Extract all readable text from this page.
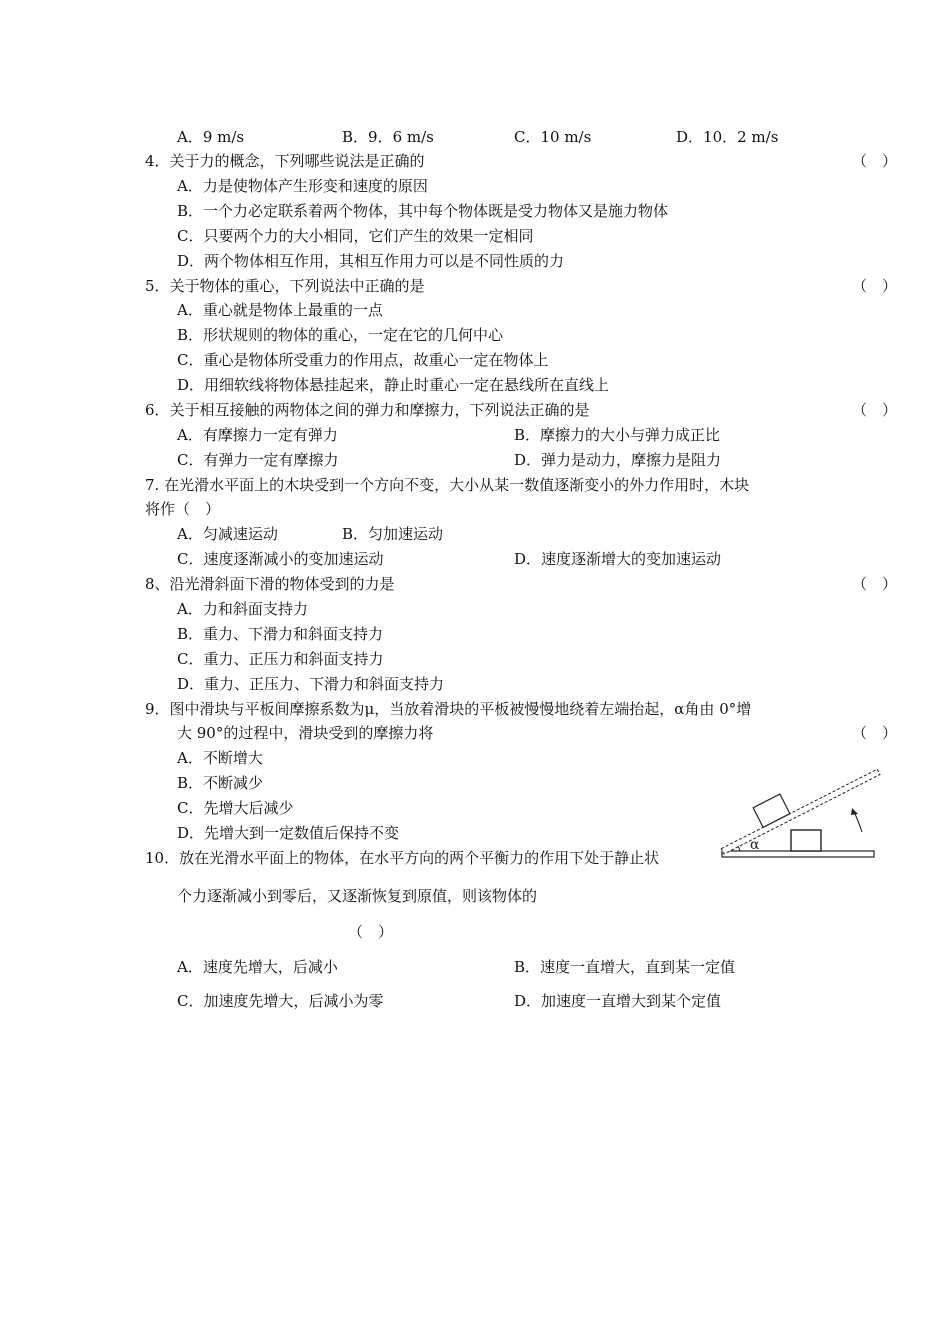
A．9 m/s	B．9．6 m/s	C．10 m/s	D．10．2 m/s
4．关于力的概念，下列哪些说法是正确的	（　）
A．力是使物体产生形变和速度的原因
B．一个力必定联系着两个物体，其中每个物体既是受力物体又是施力物体
C．只要两个力的大小相同，它们产生的效果一定相同
D．两个物体相互作用，其相互作用力可以是不同性质的力
5．关于物体的重心，下列说法中正确的是	（　）
A．重心就是物体上最重的一点
B．形状规则的物体的重心，一定在它的几何中心
C．重心是物体所受重力的作用点，故重心一定在物体上
D．用细软线将物体悬挂起来，静止时重心一定在悬线所在直线上
6．关于相互接触的两物体之间的弹力和摩擦力，下列说法正确的是	（　）
A．有摩擦力一定有弹力	B．摩擦力的大小与弹力成正比
C．有弹力一定有摩擦力	D．弹力是动力，摩擦力是阻力
7. 在光滑水平面上的木块受到一个方向不变，大小从某一数值逐渐变小的外力作用时，木块
将作（　）
A．匀减速运动	B．匀加速运动
C．速度逐渐减小的变加速运动	D．速度逐渐增大的变加速运动
8、沿光滑斜面下滑的物体受到的力是	（　）
A．力和斜面支持力
B．重力、下滑力和斜面支持力
C．重力、正压力和斜面支持力
D．重力、正压力、下滑力和斜面支持力
9．图中滑块与平板间摩擦系数为μ，当放着滑块的平板被慢慢地绕着左端抬起，α角由 0°增
大 90°的过程中，滑块受到的摩擦力将	（　）
A．不断增大
B．不断减少
C．先增大后减少
D．先增大到一定数值后保持不变
α
10．放在光滑水平面上的物体，在水平方向的两个平衡力的作用下处于静止状
个力逐渐减小到零后，又逐渐恢复到原值，则该物体的
（　）
A．速度先增大，后减小	B．速度一直增大，直到某一定值
C．加速度先增大，后减小为零	D．加速度一直增大到某个定值
